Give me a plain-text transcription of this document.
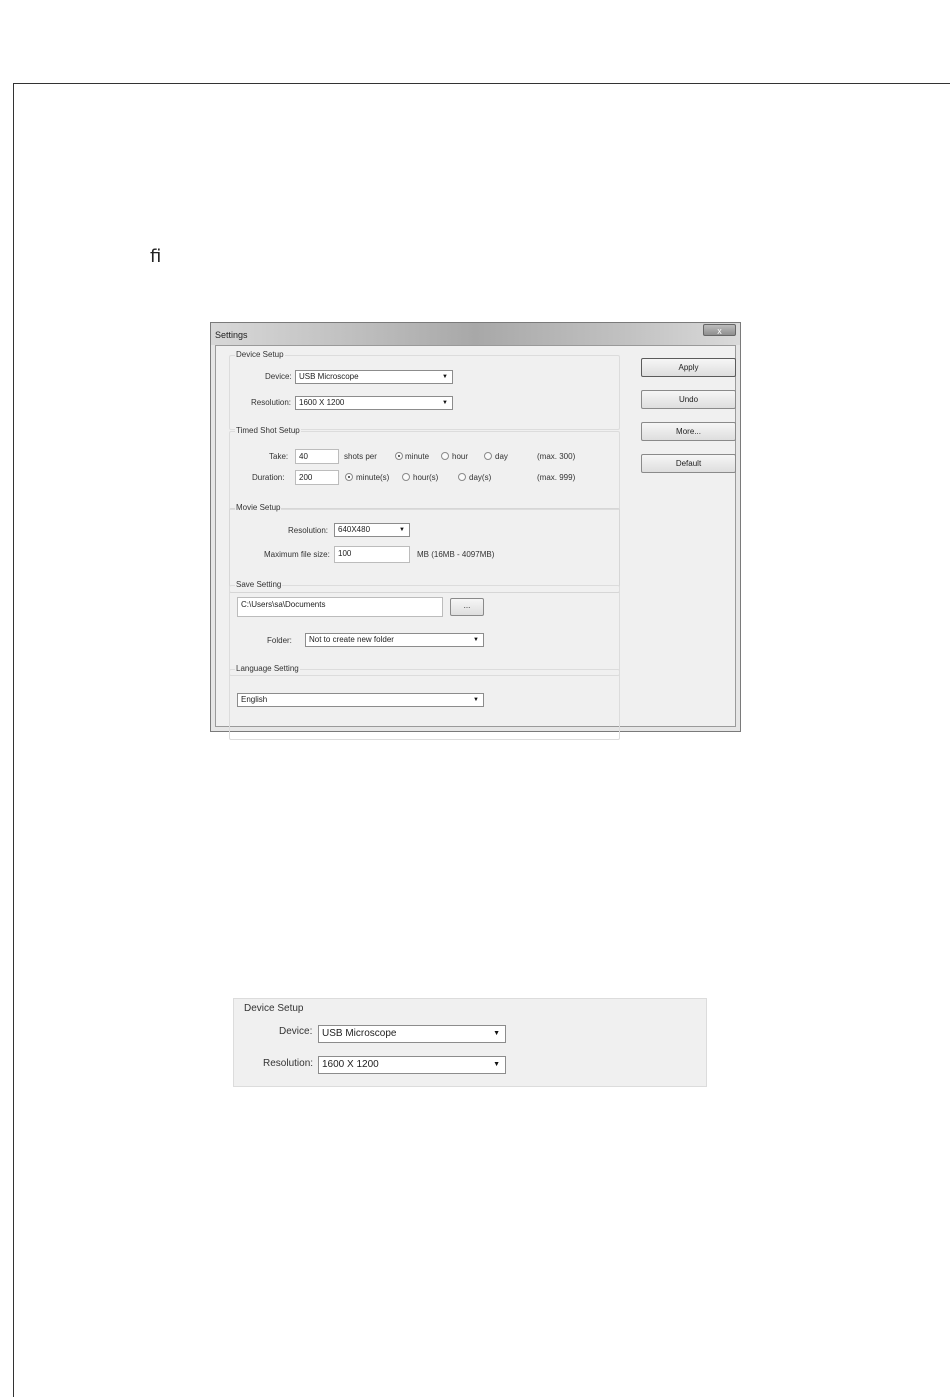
ﬁ
Settings	x
Device Setup
Device: USB Microscope	▼
Resolution: 1600 X 1200	▼
Timed Shot Setup
Take:	40	shots per	minute	hour	day	(max. 300)
Duration:	200	minute(s)	hour(s)	day(s)	(max. 999)
Movie Setup
Resolution:	640X480	▼
Maximum file size:	100	MB (16MB - 4097MB)
Save Setting
C:\Users\sa\Documents	...
Folder:	Not to create new folder	▼
Language Setting
English	▼
Apply
Undo
More...
Default
Device Setup
Device: USB Microscope	▼
Resolution: 1600 X 1200	▼
